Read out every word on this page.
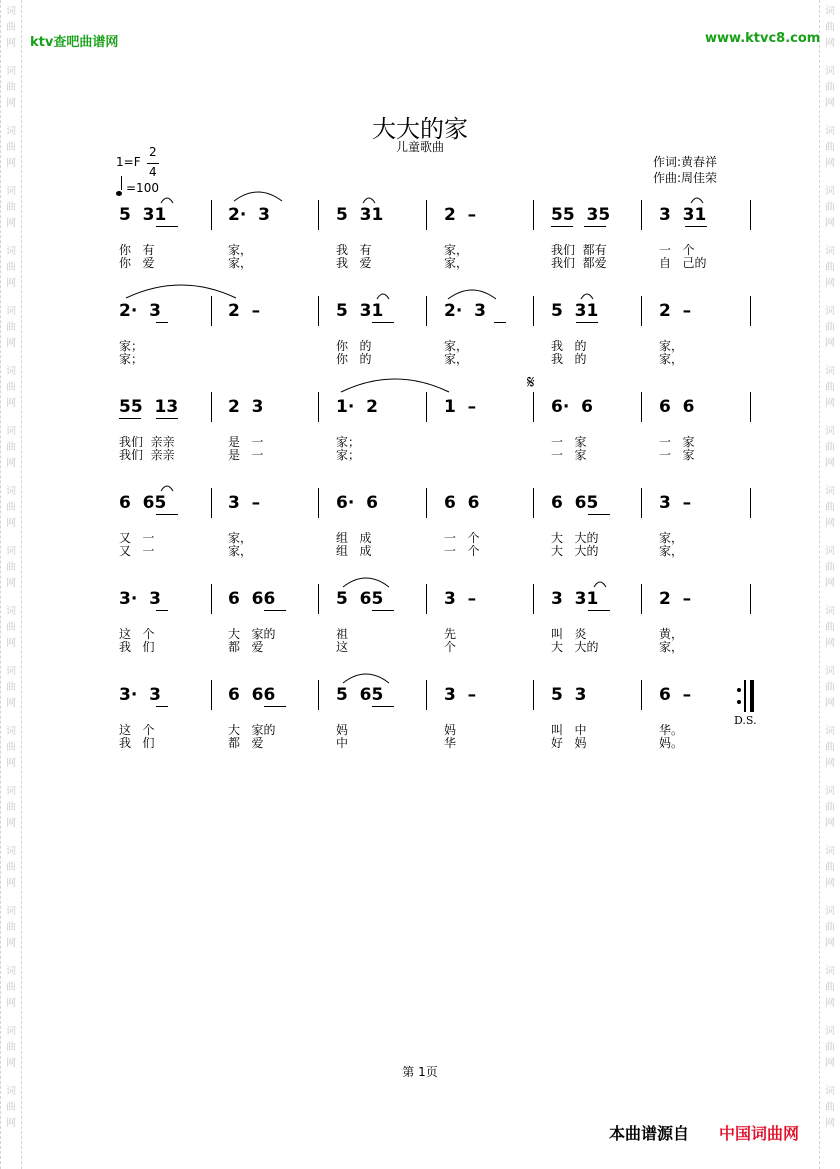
词
曲
网
词
曲
网
词
曲
网
词
曲
网
词
曲
网
词
曲
网
词
曲
网
词
曲
网
词
曲
网
词
曲
网
词
曲
网
词
曲
网
词
曲
网
词
曲
网
词
曲
网
词
曲
网
词
曲
网
词
曲
网
词
曲
网
词
曲
网
词
曲
网
词
曲
网
词
曲
网
词
曲
网
词
曲
网
词
曲
网
词
曲
网
词
曲
网
词
曲
网
词
曲
网
词
曲
网
词
曲
网
词
曲
网
词
曲
网
词
曲
网
词
曲
网
词
曲
网
词
曲
网
ktv查吧曲谱网	www.ktvc8.com
大大的家
儿童歌曲
作词:黄春祥
作曲:周佳荣
1=F
2
4
=100
5  31
你   有
你   爱
2·  3
家，
家，
5  31
我   有
我   爱
2  –
家，
家，
55  35
我们  都有
我们  都爱
3  31
一   个
自   己的
2·  3
家；
家；
2  –	5  31
你   的
你   的
2·  3
家，
家，
5  31
我   的
我   的
2  –
家，
家，
55  13
我们  亲亲
我们  亲亲
2  3
是   一
是   一
1·  2
家；
家；
1  –	6·  6
一   家
一   家
6  6
一   家
一   家
6  65
又   一
又   一
3  –
家，
家，
6·  6
组   成
组   成
6  6
一   个
一   个
6  65
大   大的
大   大的
3  –
家，
家，
3·  3
这   个
我   们
6  66
大   家的
都   爱
5  65
祖
这
3  –
先
个
3  31
叫   炎
大   大的
2  –
黄，
家，
3·  3
这   个
我   们
6  66
大   家的
都   爱
5  65
妈
中
3  –
妈
华
5  3
叫   中
好   妈
6  –
华。
妈。
𝄋
D.S.
第 1页
本曲谱源自 中国词曲网
